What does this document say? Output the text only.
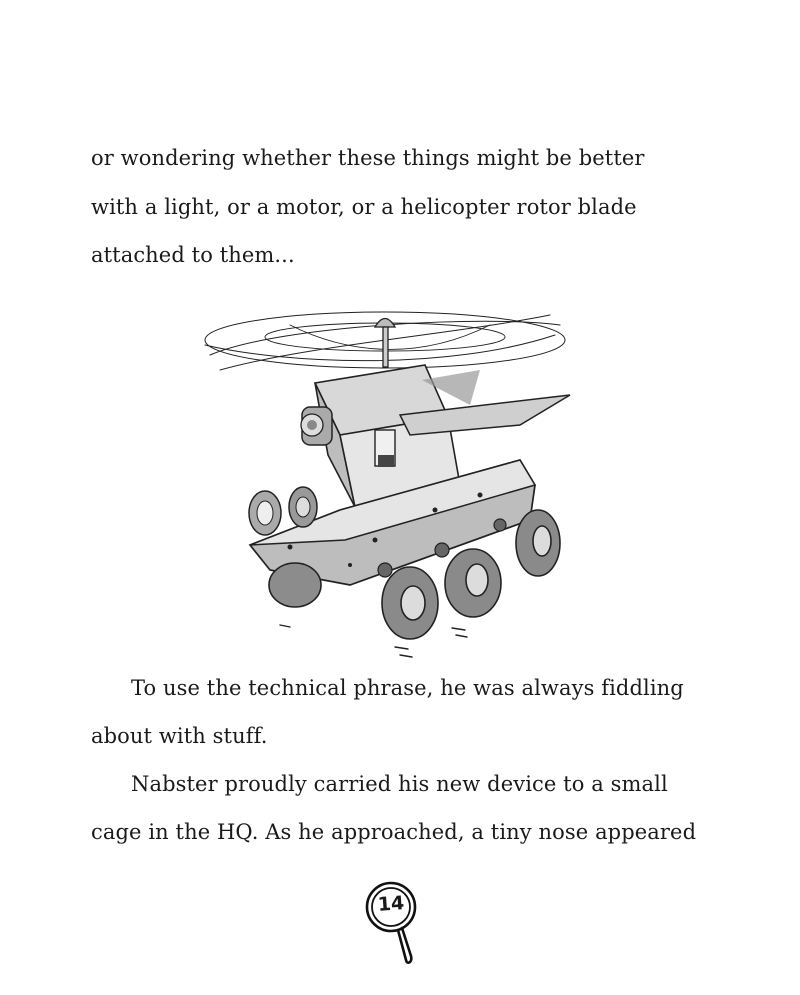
or wondering whether these things might be better
with a light, or a motor, or a helicopter rotor blade
attached to them...
To use the technical phrase, he was always fiddling
about with stuff.
Nabster proudly carried his new device to a small
cage in the HQ. As he approached, a tiny nose appeared
14
